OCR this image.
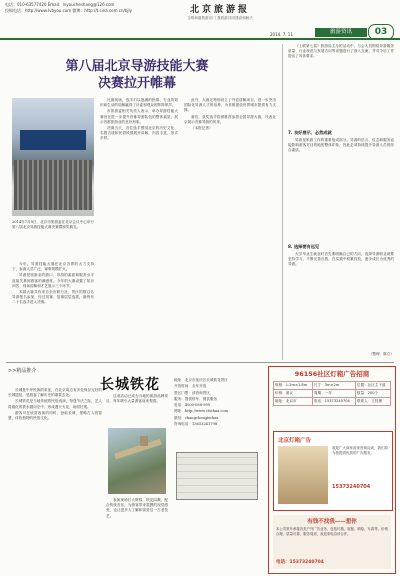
电话：010-63577420 Email：lvyoucheshang@126.com
投稿电话：http://www.lvbyou.com 微博：http://t.sina.com.cn/bjly	北京旅游报
文明和谐旅游京门 我旅游共同建设和睦天
2014. 7. 11	旅游资讯	03
第八届北京导游技能大赛
决赛拉开帷幕
2014年7月9日，北京市旅游委在北京会议中心举行第八届北京导游技能大赛决赛暨颁奖典礼。

今年，导游技能大赛在北京各界的大力支持下，参赛人员广泛，赛事规模扩大。

导游是旅游业的窗口，导游的素质和服务水平直接关系到游客的满意度。今年的大赛设置了知识问答、现场讲解和才艺展示三个环节。

本届大赛共有来自全市旅行社、景区的数百名导游报名参加，经过初赛、复赛层层选拔，最终有二十名选手进入决赛。

比赛现场，选手们以饱满的热情、专业的知识和生动的讲解赢得了评委和观众的阵阵掌声。

市旅游委相关负责人表示，举办导游技能大赛旨在进一步提升首都导游队伍的整体素质，展示首都旅游业的良好形象。

决赛当天，各位选手围绕北京的历史文化、名胜古迹和民俗风情展开讲解，内容丰富，形式多样。

此外，大赛还特别设立了外语讲解项目，进一步突出国际化导游人才的培养，为首都建设世界城市提供有力支撑。

赛后，获奖选手将被推荐参加全国导游大赛，代表北京展示首都导游的风采。

（本报记者）

《上联第七届》旅游局主办的活动中，与会人员围绕导游服务质量、行业规范与发展方向等话题进行了深入交流，并对今后工作提出了具体要求。

7. 良好展示、必然成就

导游是旅游工作的重要组成部分。导游的语言、仪态和服务直接影响游客对目的地的整体印象，因此必须持续提升导游人员的综合素质。

8. 选择要有远见

大学毕业生就业时首先要明确自己的方向，选择导游职业就要坚持学习，不断完善自我，在实践中积累经验，逐步成长为优秀的导游。

（整理：陈立）
>>精品推介
长城铁花

长城是中华民族的象征，在北京周边有多处保存完好的长城遗址，是游客了解历史的重要去处。

长城铁花是当地传统的民俗表演，每逢节庆之际，艺人将熔化的铁水抛向空中，形成漫天火花，场面壮观。

游客可在欣赏表演的同时，登临长城，领略古人的智慧，体验独特的民俗文化。

这项活动已成为当地的旅游品牌项目，每年吸引大量游客前来观看。

表演现场灯火辉煌，铁花四溅，配合传统音乐，为游客带来震撼的视觉感受，也让更多人了解和喜爱这一古老技艺。

地址：北京市延庆区长城铁花景区
开放时间：全年开放
景区门票：请咨询景区
服务：提供停车、餐饮服务
电话：4000-088-999
网址：http://www.ctiehua.com
微信：changchengtiehua
咨询电话：13653241798
96156社区灯箱广告招商
规格：1.2m×1.8m	尺寸：3m×2m	位置：社区主干道
价格：面议	周期：一年	数量：200个
地址：北京市	电话：15373240704	联系人：王经理
北京灯箱广告
欢迎广大商家前来咨询洽谈，我们将为您提供优质的广告服务。
15373240704
有钱不找我——想你
本公司常年承接各类户外广告业务，包括灯箱、展板、喷绘、写真等，价格合理，质量可靠，服务周到，欢迎来电洽谈合作。
电话：15373240704
